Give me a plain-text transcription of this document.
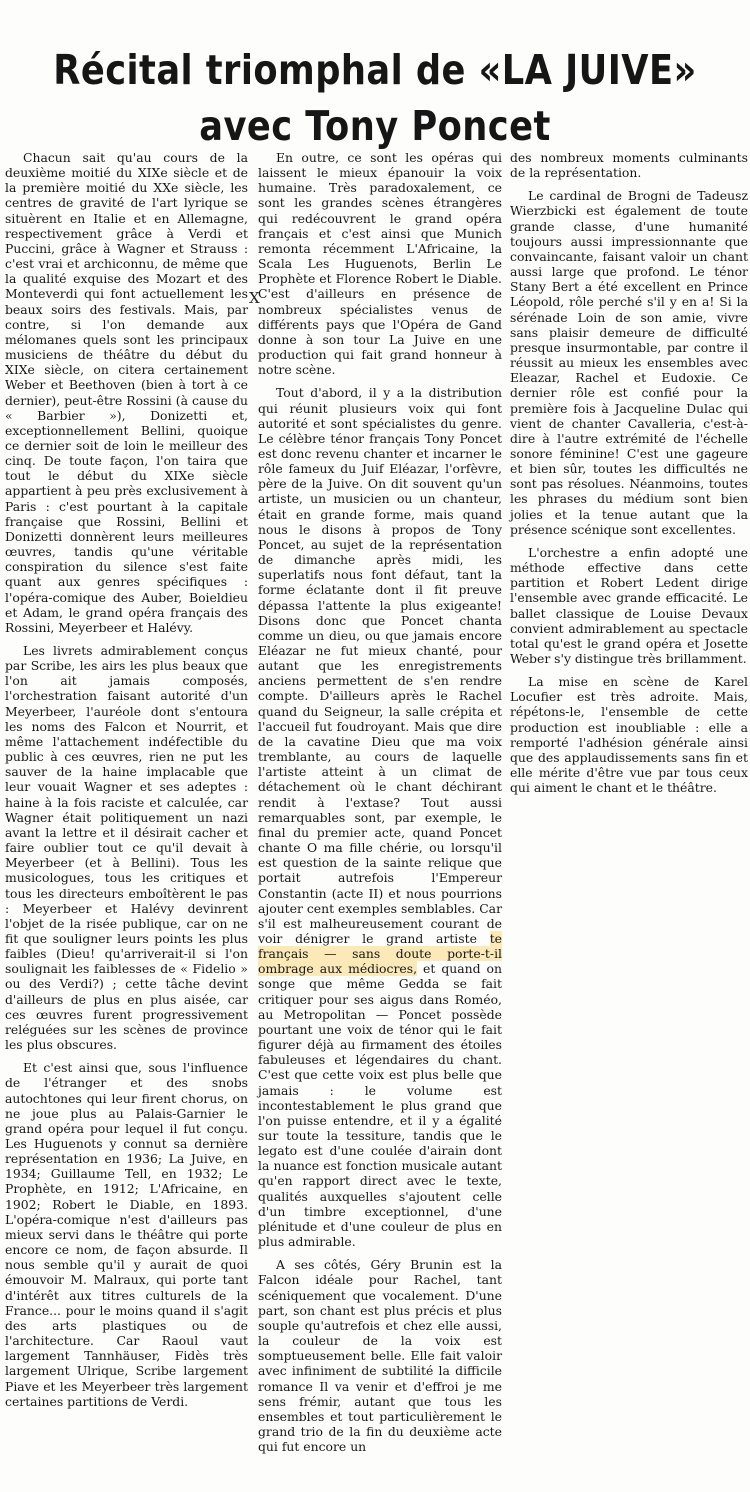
Récital triomphal de «LA JUIVE»
avec Tony Poncet
X

Chacun sait qu'au cours de la deuxième moitié du XIXe siècle et de la première moitié du XXe siècle, les centres de gravité de l'art lyrique se situèrent en Italie et en Allemagne, respectivement grâce à Verdi et Puccini, grâce à Wagner et Strauss : c'est vrai et archiconnu, de même que la qualité exquise des Mozart et des Monteverdi qui font actuellement les beaux soirs des festivals. Mais, par contre, si l'on demande aux mélomanes quels sont les principaux musiciens de théâtre du début du XIXe siècle, on citera certainement Weber et Beethoven (bien à tort à ce dernier), peut-être Rossini (à cause du « Barbier »), Donizetti et, exceptionnellement Bellini, quoique ce dernier soit de loin le meilleur des cinq. De toute façon, l'on taira que tout le début du XIXe siècle appartient à peu près exclusivement à Paris : c'est pourtant à la capitale française que Rossini, Bellini et Donizetti donnèrent leurs meilleures œuvres, tandis qu'une véritable conspiration du silence s'est faite quant aux genres spécifiques : l'opéra-comique des Auber, Boieldieu et Adam, le grand opéra français des Rossini, Meyerbeer et Halévy.

Les livrets admirablement conçus par Scribe, les airs les plus beaux que l'on ait jamais composés, l'orchestration faisant autorité d'un Meyerbeer, l'auréole dont s'entoura les noms des Falcon et Nourrit, et même l'attachement indéfectible du public à ces œuvres, rien ne put les sauver de la haine implacable que leur vouait Wagner et ses adeptes : haine à la fois raciste et calculée, car Wagner était politiquement un nazi avant la lettre et il désirait cacher et faire oublier tout ce qu'il devait à Meyerbeer (et à Bellini). Tous les musicologues, tous les critiques et tous les directeurs emboîtèrent le pas : Meyerbeer et Halévy devinrent l'objet de la risée publique, car on ne fit que souligner leurs points les plus faibles (Dieu! qu'arriverait-il si l'on soulignait les faiblesses de « Fidelio » ou des Verdi?) ; cette tâche devint d'ailleurs de plus en plus aisée, car ces œuvres furent progressivement reléguées sur les scènes de province les plus obscures.

Et c'est ainsi que, sous l'influence de l'étranger et des snobs autochtones qui leur firent chorus, on ne joue plus au Palais-Garnier le grand opéra pour lequel il fut conçu. Les Huguenots y connut sa dernière représentation en 1936; La Juive, en 1934; Guillaume Tell, en 1932; Le Prophète, en 1912; L'Africaine, en 1902; Robert le Diable, en 1893. L'opéra-comique n'est d'ailleurs pas mieux servi dans le théâtre qui porte encore ce nom, de façon absurde. Il nous semble qu'il y aurait de quoi émouvoir M. Malraux, qui porte tant d'intérêt aux titres culturels de la France... pour le moins quand il s'agit des arts plastiques ou de l'architecture. Car Raoul vaut largement Tannhäuser, Fidès très largement Ulrique, Scribe largement Piave et les Meyerbeer très largement certaines partitions de Verdi.

En outre, ce sont les opéras qui laissent le mieux épanouir la voix humaine. Très paradoxalement, ce sont les grandes scènes étrangères qui redécouvrent le grand opéra français et c'est ainsi que Munich remonta récemment L'Africaine, la Scala Les Huguenots, Berlin Le Prophète et Florence Robert le Diable. C'est d'ailleurs en présence de nombreux spécialistes venus de différents pays que l'Opéra de Gand donne à son tour La Juive en une production qui fait grand honneur à notre scène.

Tout d'abord, il y a la distribution qui réunit plusieurs voix qui font autorité et sont spécialistes du genre. Le célèbre ténor français Tony Poncet est donc revenu chanter et incarner le rôle fameux du Juif Eléazar, l'orfèvre, père de la Juive. On dit souvent qu'un artiste, un musicien ou un chanteur, était en grande forme, mais quand nous le disons à propos de Tony Poncet, au sujet de la représentation de dimanche après midi, les superlatifs nous font défaut, tant la forme éclatante dont il fit preuve dépassa l'attente la plus exigeante! Disons donc que Poncet chanta comme un dieu, ou que jamais encore Eléazar ne fut mieux chanté, pour autant que les enregistrements anciens permettent de s'en rendre compte. D'ailleurs après le Rachel quand du Seigneur, la salle crépita et l'accueil fut foudroyant. Mais que dire de la cavatine Dieu que ma voix tremblante, au cours de laquelle l'artiste atteint à un climat de détachement où le chant déchirant rendit à l'extase? Tout aussi remarquables sont, par exemple, le final du premier acte, quand Poncet chante O ma fille chérie, ou lorsqu'il est question de la sainte relique que portait autrefois l'Empereur Constantin (acte II) et nous pourrions ajouter cent exemples semblables. Car s'il est malheureusement courant de voir dénigrer le grand artiste te français — sans doute porte-t-il ombrage aux médiocres, et quand on songe que même Gedda se fait critiquer pour ses aigus dans Roméo, au Metropolitan — Poncet possède pourtant une voix de ténor qui le fait figurer déjà au firmament des étoiles fabuleuses et légendaires du chant. C'est que cette voix est plus belle que jamais : le volume est incontestablement le plus grand que l'on puisse entendre, et il y a égalité sur toute la tessiture, tandis que le legato est d'une coulée d'airain dont la nuance est fonction musicale autant qu'en rapport direct avec le texte, qualités auxquelles s'ajoutent celle d'un timbre exceptionnel, d'une plénitude et d'une couleur de plus en plus admirable.

A ses côtés, Géry Brunin est la Falcon idéale pour Rachel, tant scéniquement que vocalement. D'une part, son chant est plus précis et plus souple qu'autrefois et chez elle aussi, la couleur de la voix est somptueusement belle. Elle fait valoir avec infiniment de subtilité la difficile romance Il va venir et d'effroi je me sens frémir, autant que tous les ensembles et tout particulièrement le grand trio de la fin du deuxième acte qui fut encore un

des nombreux moments culminants de la représentation.

Le cardinal de Brogni de Tadeusz Wierzbicki est également de toute grande classe, d'une humanité toujours aussi impressionnante que convaincante, faisant valoir un chant aussi large que profond. Le ténor Stany Bert a été excellent en Prince Léopold, rôle perché s'il y en a! Si la sérénade Loin de son amie, vivre sans plaisir demeure de difficulté presque insurmontable, par contre il réussit au mieux les ensembles avec Eleazar, Rachel et Eudoxie. Ce dernier rôle est confié pour la première fois à Jacqueline Dulac qui vient de chanter Cavalleria, c'est-à-dire à l'autre extrémité de l'échelle sonore féminine! C'est une gageure et bien sûr, toutes les difficultés ne sont pas résolues. Néanmoins, toutes les phrases du médium sont bien jolies et la tenue autant que la présence scénique sont excellentes.

L'orchestre a enfin adopté une méthode effective dans cette partition et Robert Ledent dirige l'ensemble avec grande efficacité. Le ballet classique de Louise Devaux convient admirablement au spectacle total qu'est le grand opéra et Josette Weber s'y distingue très brillamment.

La mise en scène de Karel Locufier est très adroite. Mais, répétons-le, l'ensemble de cette production est inoubliable : elle a remporté l'adhésion générale ainsi que des applaudissements sans fin et elle mérite d'être vue par tous ceux qui aiment le chant et le théâtre.
